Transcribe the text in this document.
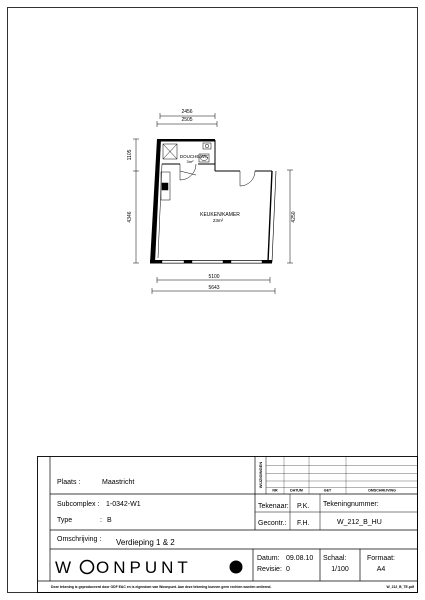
2456
2505
1105
4346	4250
5100
5643
DOUCHE/WC
3m²
KEUKEN/KAMER
23m²
WIJZIGINGEN
NR	DATUM	GET	OMSCHRIJVING
Plaats :	Maastricht
Subcomplex : 1-0342-W1
Type	: B
Tekenaar: P.K.
Gecontr.: F.H.
Tekeningnummer:
W_212_B_HU
Omschrijving : Verdieping 1 & 2
W ONPUNT	Datum: 09.08.10
Revisie: 0
Schaal:
1/100
Formaat:
A4
Deze tekening is geproduceerd door ODF E&C en is eigendom van Woonpunt. Aan deze tekening kunnen geen rechten worden ontleend.	W_212_B_TE.pdf
